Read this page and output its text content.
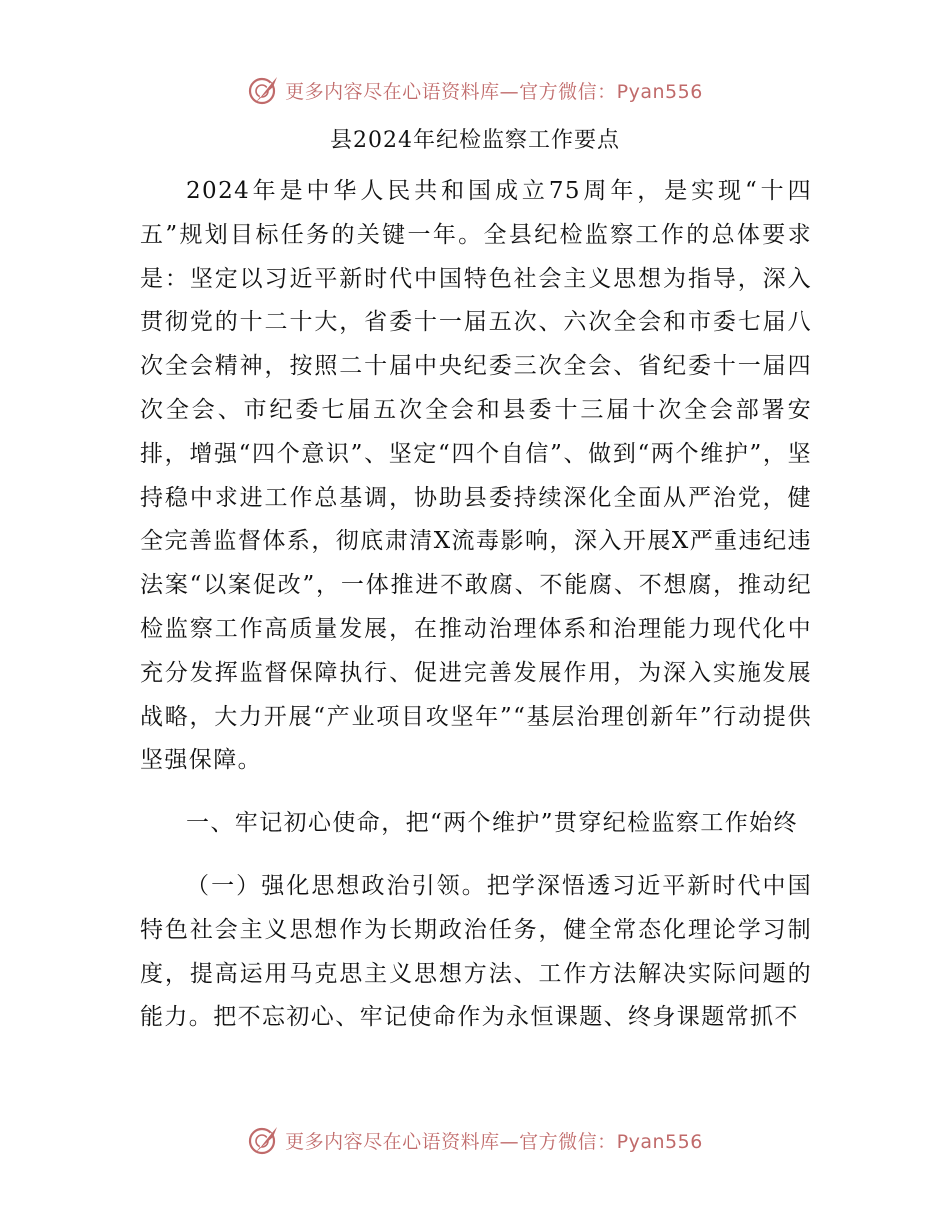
更多内容尽在心语资料库—官方微信：Pyan556
县2024年纪检监察工作要点

2024年是中华人民共和国成立75周年，是实现“十四五”规划目标任务的关键一年。全县纪检监察工作的总体要求是：坚定以习近平新时代中国特色社会主义思想为指导，深入贯彻党的十二十大，省委十一届五次、六次全会和市委七届八次全会精神，按照二十届中央纪委三次全会、省纪委十一届四次全会、市纪委七届五次全会和县委十三届十次全会部署安排，增强“四个意识”、坚定“四个自信”、做到“两个维护”，坚持稳中求进工作总基调，协助县委持续深化全面从严治党，健全完善监督体系，彻底肃清X流毒影响，深入开展X严重违纪违法案“以案促改”，一体推进不敢腐、不能腐、不想腐，推动纪检监察工作高质量发展，在推动治理体系和治理能力现代化中充分发挥监督保障执行、促进完善发展作用，为深入实施发展战略，大力开展“产业项目攻坚年”“基层治理创新年”行动提供坚强保障。

一、牢记初心使命，把“两个维护”贯穿纪检监察工作始终

（一）强化思想政治引领。把学深悟透习近平新时代中国特色社会主义思想作为长期政治任务，健全常态化理论学习制度，提高运用马克思主义思想方法、工作方法解决实际问题的能力。把不忘初心、牢记使命作为永恒课题、终身课题常抓不

更多内容尽在心语资料库—官方微信：Pyan556
